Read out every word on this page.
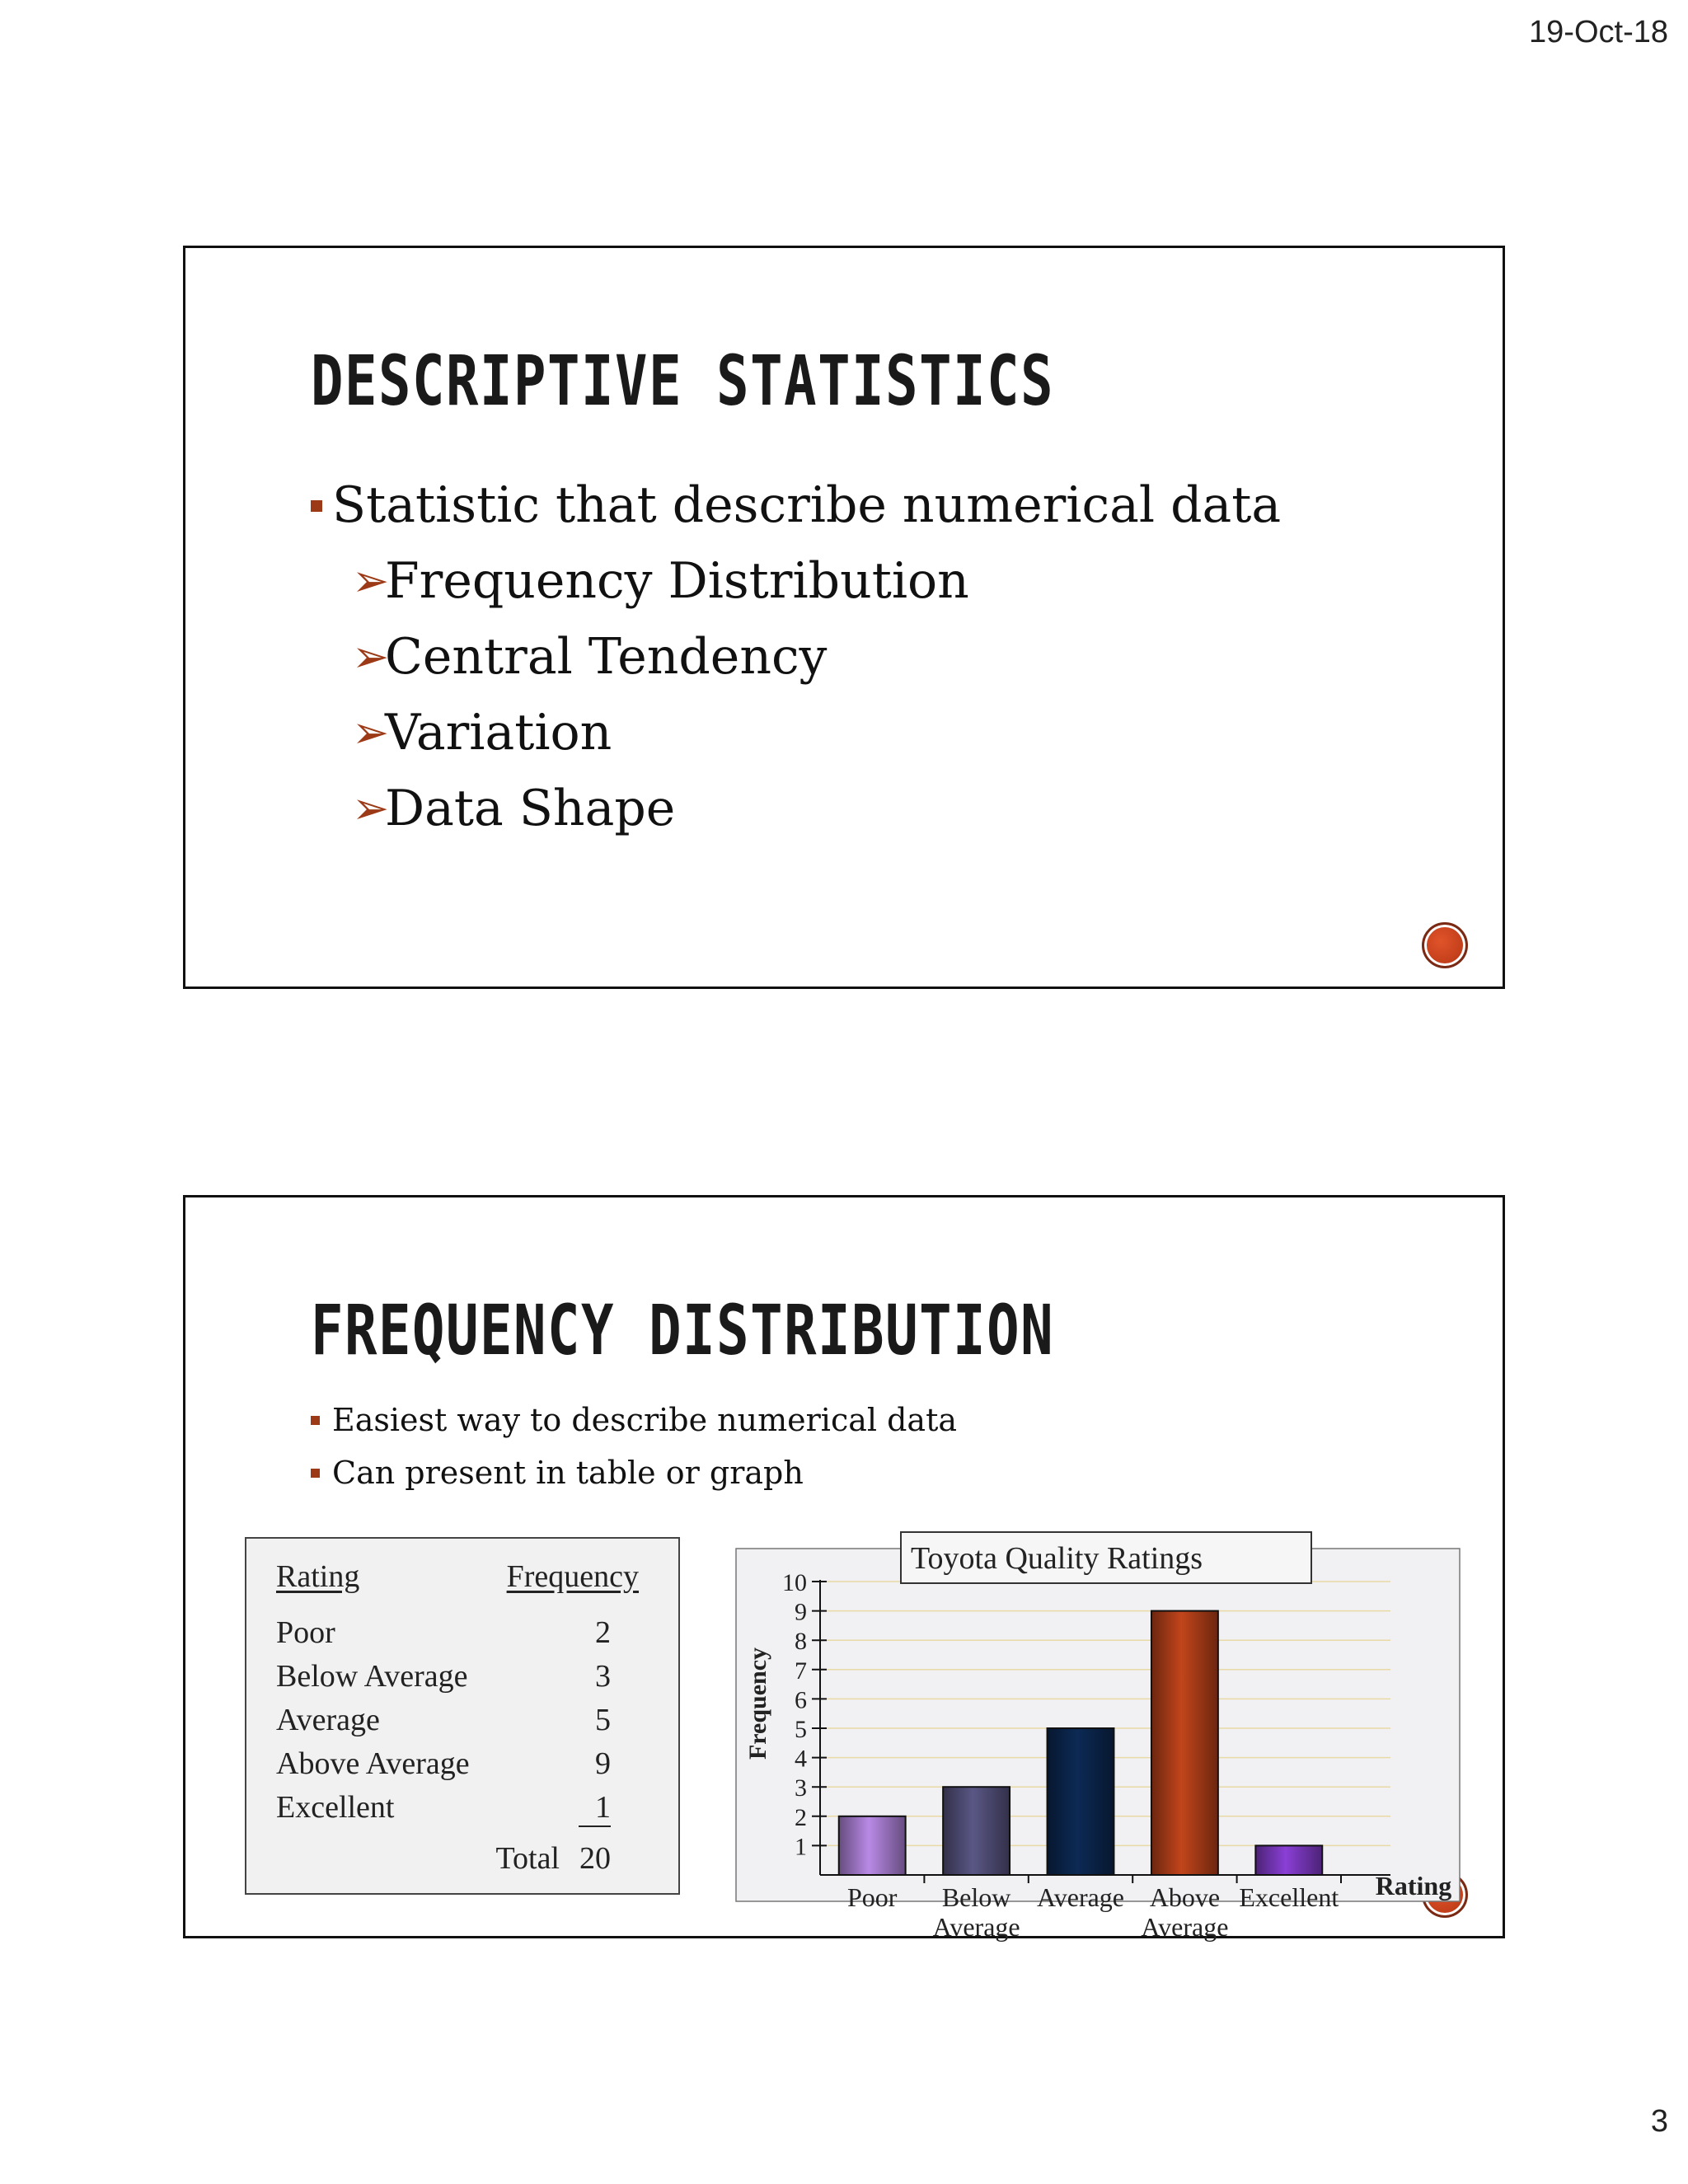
19-Oct-18
DESCRIPTIVE STATISTICS
Statistic that describe numerical data
➢
Frequency Distribution
➢
Central Tendency
➢
Variation
➢
Data Shape
FREQUENCY DISTRIBUTION
Easiest way to describe numerical data
Can present in table or graph
Rating	Frequency
Poor	2
Below Average	3
Average	5
Above Average	9
Excellent	1
Total 20
Poor Below
Average
Average Above
Average
Excellent
1
2
3
4
5
6
7
8
9
10
Frequency
Rating
Toyota Quality Ratings
3
